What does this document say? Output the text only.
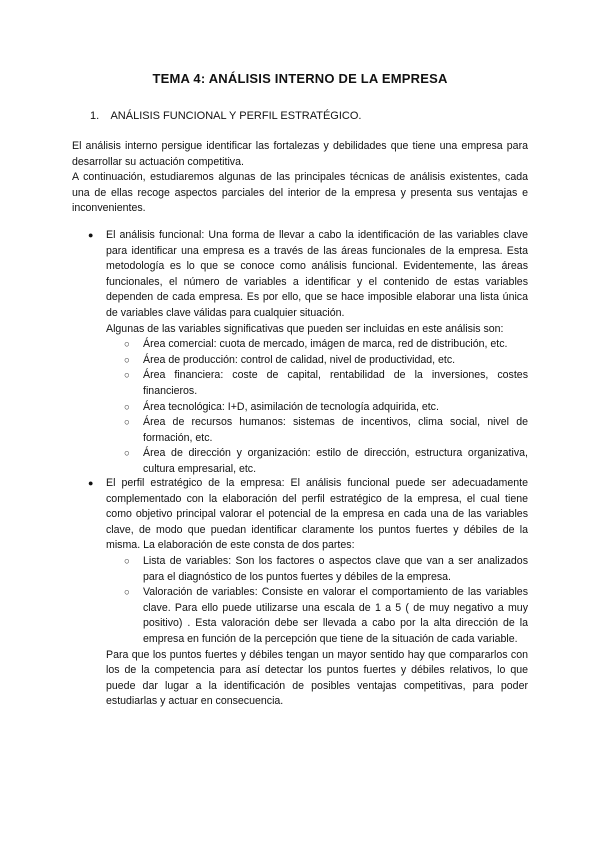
TEMA 4: ANÁLISIS INTERNO DE LA EMPRESA
1. ANÁLISIS FUNCIONAL Y PERFIL ESTRATÉGICO.

El análisis interno persigue identificar las fortalezas y debilidades que tiene una empresa para desarrollar su actuación competitiva.

A continuación, estudiaremos algunas de las principales técnicas de análisis existentes, cada una de ellas recoge aspectos parciales del interior de la empresa y presenta sus ventajas e inconvenientes.

● El análisis funcional: Una forma de llevar a cabo la identificación de las variables clave para identificar una empresa es a través de las áreas funcionales de la empresa. Esta metodología es lo que se conoce como análisis funcional. Evidentemente, las áreas funcionales, el número de variables a identificar y el contenido de estas variables dependen de cada empresa. Es por ello, que se hace imposible elaborar una lista única de variables clave válidas para cualquier situación.

Algunas de las variables significativas que pueden ser incluidas en este análisis son:

○ Área comercial: cuota de mercado, imágen de marca, red de distribución, etc.
○ Área de producción: control de calidad, nivel de productividad, etc.
○ Área financiera: coste de capital, rentabilidad de la inversiones, costes financieros.
○ Área tecnológica: I+D, asimilación de tecnología adquirida, etc.
○ Área de recursos humanos: sistemas de incentivos, clima social, nivel de formación, etc.
○ Área de dirección y organización: estilo de dirección, estructura organizativa, cultura empresarial, etc.
● El perfil estratégico de la empresa: El análisis funcional puede ser adecuadamente complementado con la elaboración del perfil estratégico de la empresa, el cual tiene como objetivo principal valorar el potencial de la empresa en cada una de las variables clave, de modo que puedan identificar claramente los puntos fuertes y débiles de la misma. La elaboración de este consta de dos partes:

○ Lista de variables: Son los factores o aspectos clave que van a ser analizados para el diagnóstico de los puntos fuertes y débiles de la empresa.
○ Valoración de variables: Consiste en valorar el comportamiento de las variables clave. Para ello puede utilizarse una escala de 1 a 5 ( de muy negativo a muy positivo) . Esta valoración debe ser llevada a cabo por la alta dirección de la empresa en función de la percepción que tiene de la situación de cada variable.

Para que los puntos fuertes y débiles tengan un mayor sentido hay que compararlos con los de la competencia para así detectar los puntos fuertes y débiles relativos, lo que puede dar lugar a la identificación de posibles ventajas competitivas, para poder estudiarlas y actuar en consecuencia.
